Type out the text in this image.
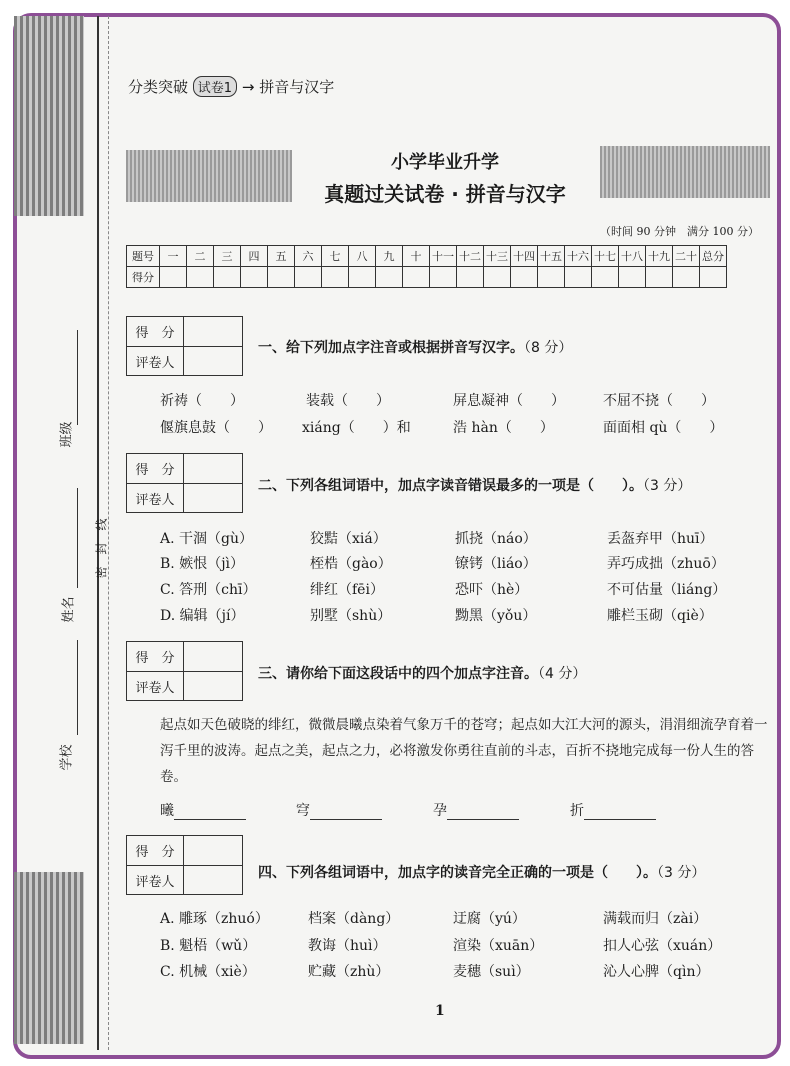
班级
姓名
密　封　线
学校
分类突破 试卷1 → 拼音与汉字
小学毕业升学
真题过关试卷 · 拼音与汉字
（时间 90 分钟　满分 100 分）
题号	一	二	三	四	五	六	七	八	九	十	十一	十二	十三	十四	十五	十六	十七	十八	十九	二十	总分
得分																					
得　分
评卷人
得　分
评卷人
得　分
评卷人
得　分
评卷人
一、给下列加点字注音或根据拼音写汉字。（8 分）
祈祷（　　）	装载（　　）	屏息凝神（　　）	不屈不挠（　　）
偃旗息鼓（　　） xiáng（　　）和	浩 hàn（　　）	面面相 qù（　　）
二、下列各组词语中，加点字读音错误最多的一项是（　　）。（3 分）
A. 干涸（gù）	狡黠（xiá）	抓挠（náo）	丢盔弃甲（huī）
B. 嫉恨（jì）	桎梏（gào）	镣铐（liáo）	弄巧成拙（zhuō）
C. 答刑（chī）	绯红（fēi）	恐吓（hè）	不可估量（liáng）
D. 编辑（jí）	别墅（shù）	黝黑（yǒu）	雕栏玉砌（qiè）
三、请你给下面这段话中的四个加点字注音。（4 分）
起点如天色破晓的绯红，微微晨曦点染着气象万千的苍穹；起点如大江大河的源头，涓涓细流孕育着一泻千里的波涛。起点之美，起点之力，必将激发你勇往直前的斗志，百折不挠地完成每一份人生的答卷。
曦	穹	孕	折
四、下列各组词语中，加点字的读音完全正确的一项是（　　）。（3 分）
A. 雕琢（zhuó）	档案（dàng）	迂腐（yú）	满载而归（zài）
B. 魁梧（wǔ）	教诲（huì）	渲染（xuān）	扣人心弦（xuán）
C. 机械（xiè）	贮藏（zhù）	麦穗（suì）	沁人心脾（qìn）
1
